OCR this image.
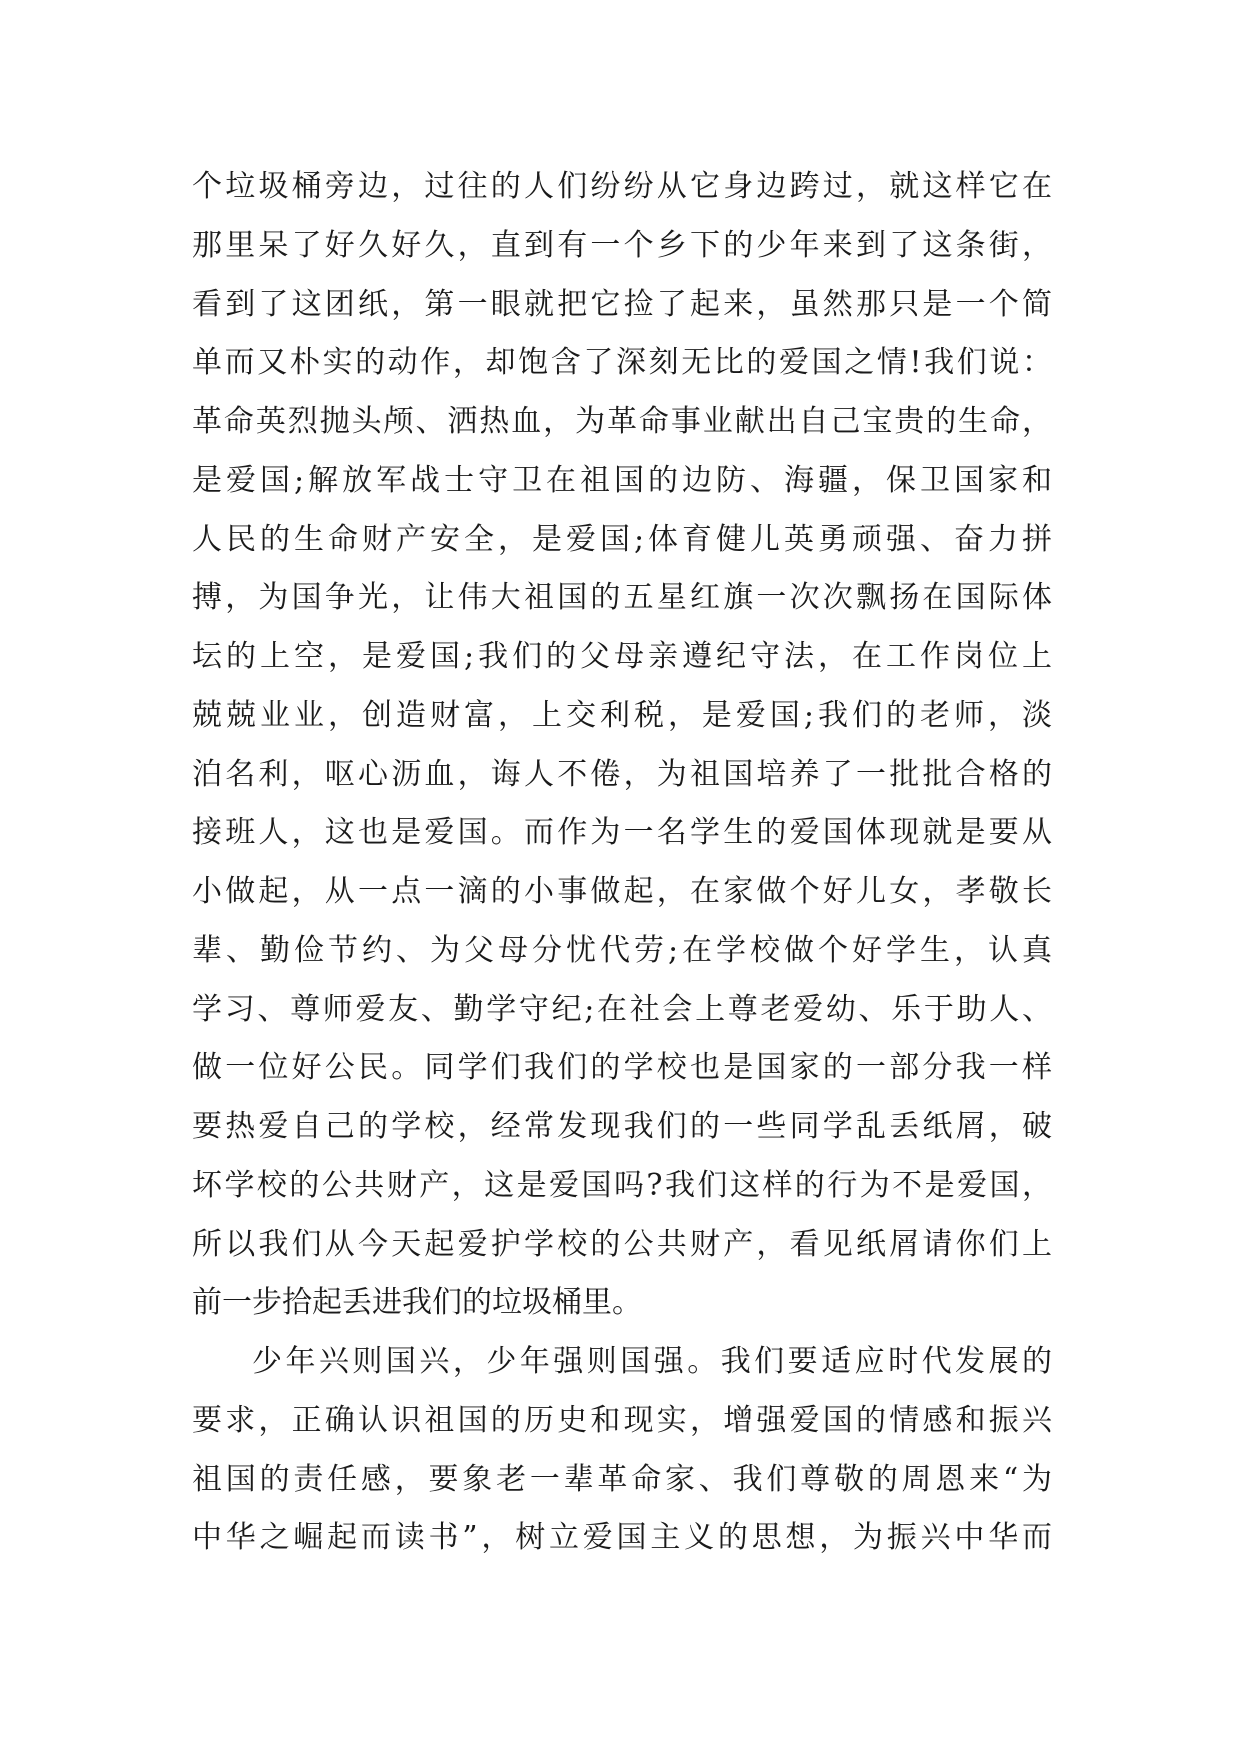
个垃圾桶旁边，过往的人们纷纷从它身边跨过，就这样它在
那里呆了好久好久，直到有一个乡下的少年来到了这条街，
看到了这团纸，第一眼就把它捡了起来，虽然那只是一个简
单而又朴实的动作，却饱含了深刻无比的爱国之情!我们说：
革命英烈抛头颅、洒热血，为革命事业献出自己宝贵的生命，
是爱国;解放军战士守卫在祖国的边防、海疆，保卫国家和
人民的生命财产安全，是爱国;体育健儿英勇顽强、奋力拼
搏，为国争光，让伟大祖国的五星红旗一次次飘扬在国际体
坛的上空，是爱国;我们的父母亲遵纪守法，在工作岗位上
兢兢业业，创造财富，上交利税，是爱国;我们的老师，淡
泊名利，呕心沥血，诲人不倦，为祖国培养了一批批合格的
接班人，这也是爱国。而作为一名学生的爱国体现就是要从
小做起，从一点一滴的小事做起，在家做个好儿女，孝敬长
辈、勤俭节约、为父母分忧代劳;在学校做个好学生，认真
学习、尊师爱友、勤学守纪;在社会上尊老爱幼、乐于助人、
做一位好公民。同学们我们的学校也是国家的一部分我一样
要热爱自己的学校，经常发现我们的一些同学乱丢纸屑，破
坏学校的公共财产，这是爱国吗?我们这样的行为不是爱国，
所以我们从今天起爱护学校的公共财产，看见纸屑请你们上
前一步拾起丢进我们的垃圾桶里。
少年兴则国兴，少年强则国强。我们要适应时代发展的
要求，正确认识祖国的历史和现实，增强爱国的情感和振兴
祖国的责任感，要象老一辈革命家、我们尊敬的周恩来“为
中华之崛起而读书”，树立爱国主义的思想，为振兴中华而
